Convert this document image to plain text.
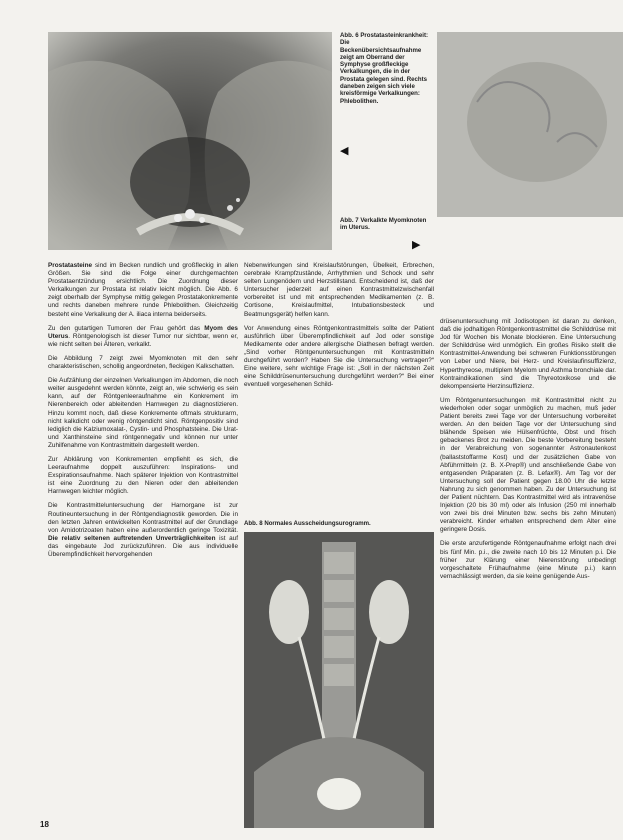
Abb. 6 Prostatasteinkrankheit: Die Beckenübersichtsaufnahme zeigt am Oberrand der Symphyse großfleckige Verkalkungen, die in der Prostata gelegen sind. Rechts daneben zeigen sich viele kreisförmige Verkalkungen: Phlebolithen.

◀

Abb. 7 Verkalkte Myomknoten im Uterus.

▶

Prostatasteine sind im Becken rundlich und großfleckig in allen Größen. Sie sind die Folge einer durchgemachten Prostataentzündung ersichtlich. Die Zuordnung dieser Verkalkungen zur Prostata ist relativ leicht möglich. Die Abb. 6 zeigt oberhalb der Symphyse mittig gelegen Prostatakonkremente und rechts daneben mehrere runde Phlebolithen. Gleichzeitig besteht eine Verkalkung der A. iliaca interna beiderseits.

Zu den gutartigen Tumoren der Frau gehört das Myom des Uterus. Röntgenologisch ist dieser Tumor nur sichtbar, wenn er, wie nicht selten bei Älteren, verkalkt.

Die Abbildung 7 zeigt zwei Myomknoten mit den sehr charakteristischen, schollig angeordneten, fleckigen Kalkschatten.

Die Aufzählung der einzelnen Verkalkungen im Abdomen, die noch weiter ausgedehnt werden könnte, zeigt an, wie schwierig es sein kann, auf der Röntgenleeraufnahme ein Konkrement im Nierenbereich oder ableitenden Harnwegen zu diagnostizieren. Hinzu kommt noch, daß diese Konkremente oftmals strukturarm, nicht kalkdicht oder wenig röntgendicht sind. Röntgenpositiv sind lediglich die Kalziumoxalat-, Cystin- und Phosphatsteine. Die Urat- und Xanthinsteine sind röntgennegativ und können nur unter Zuhilfenahme von Kontrastmitteln dargestellt werden.

Zur Abklärung von Konkrementen empfiehlt es sich, die Leeraufnahme doppelt auszuführen: Inspirations- und Exspirationsaufnahme. Nach späterer Injektion von Kontrastmittel ist eine Zuordnung zu den Nieren oder den ableitenden Harnwegen leichter möglich.

Die Kontrastmitteluntersuchung der Harnorgane ist zur Routineuntersuchung in der Röntgendiagnostik geworden. Die in den letzten Jahren entwickelten Kontrastmittel auf der Grundlage von Amidotrizoaten haben eine außerordentlich geringe Toxizität. Die relativ seltenen auftretenden Unverträglichkeiten ist auf das eingebaute Jod zurückzuführen. Die aus individuelle Überempfindlichkeit hervorgehenden

Nebenwirkungen sind Kreislaufstörungen, Übelkeit, Erbrechen, cerebrale Krampfzustände, Arrhythmien und Schock und sehr selten Lungenödem und Herzstillstand. Entscheidend ist, daß der Untersucher jederzeit auf einen Kontrastmittelzwischenfall vorbereitet ist und mit entsprechenden Medikamenten (z. B. Cortisone, Kreislaufmittel, Intubationsbesteck und Beatmungsgerät) helfen kann.

Vor Anwendung eines Röntgenkontrastmittels sollte der Patient ausführlich über Überempfindlichkeit auf Jod oder sonstige Medikamente oder andere allergische Diathesen befragt werden. „Sind vorher Röntgenuntersuchungen mit Kontrastmitteln durchgeführt worden? Haben Sie die Untersuchung vertragen?“ Eine weitere, sehr wichtige Frage ist: „Soll in der nächsten Zeit eine Schilddrüsenuntersuchung durchgeführt werden?“ Bei einer eventuell vorgesehenen Schild-

Abb. 8 Normales Ausscheidungsurogramm.

drüsenuntersuchung mit Jodisotopen ist daran zu denken, daß die jodhaltigen Röntgenkontrastmittel die Schilddrüse mit Jod für Wochen bis Monate blockieren. Eine Untersuchung der Schilddrüse wird unmöglich. Ein großes Risiko stellt die Kontrastmittel-Anwendung bei schweren Funktionsstörungen von Leber und Niere, bei Herz- und Kreislaufinsuffizienz, Hyperthyreose, multiplem Myelom und Asthma bronchiale dar. Kontraindikationen sind die Thyreotoxikose und die dekompensierte Herzinsuffizienz.

Um Röntgenuntersuchungen mit Kontrastmittel nicht zu wiederholen oder sogar unmöglich zu machen, muß jeder Patient bereits zwei Tage vor der Untersuchung vorbereitet werden. An den beiden Tage vor der Untersuchung sind blähende Speisen wie Hülsenfrüchte, Obst und frisch gebackenes Brot zu meiden. Die beste Vorbereitung besteht in der Verabreichung von sogenannter Astronautenkost (ballaststoffarme Kost) und der zusätzlichen Gabe von Abführmitteln (z. B. X-Prep®) und anschließende Gabe von entgasenden Präparaten (z. B. Lefax®). Am Tag vor der Untersuchung soll der Patient gegen 18.00 Uhr die letzte Nahrung zu sich genommen haben. Zu der Untersuchung ist der Patient nüchtern. Das Kontrastmittel wird als intravenöse Injektion (20 bis 30 ml) oder als Infusion (250 ml innerhalb von zwei bis drei Minuten bzw. sechs bis zehn Minuten) verabreicht. Kinder erhalten entsprechend dem Alter eine geringere Dosis.

Die erste anzufertigende Röntgenaufnahme erfolgt nach drei bis fünf Min. p.i., die zweite nach 10 bis 12 Minuten p.i. Die früher zur Klärung einer Nierenstörung unbedingt vorgeschaltete Frühaufnahme (eine Minute p.i.) kann vernachlässigt werden, da sie keine genügende Aus-

18
